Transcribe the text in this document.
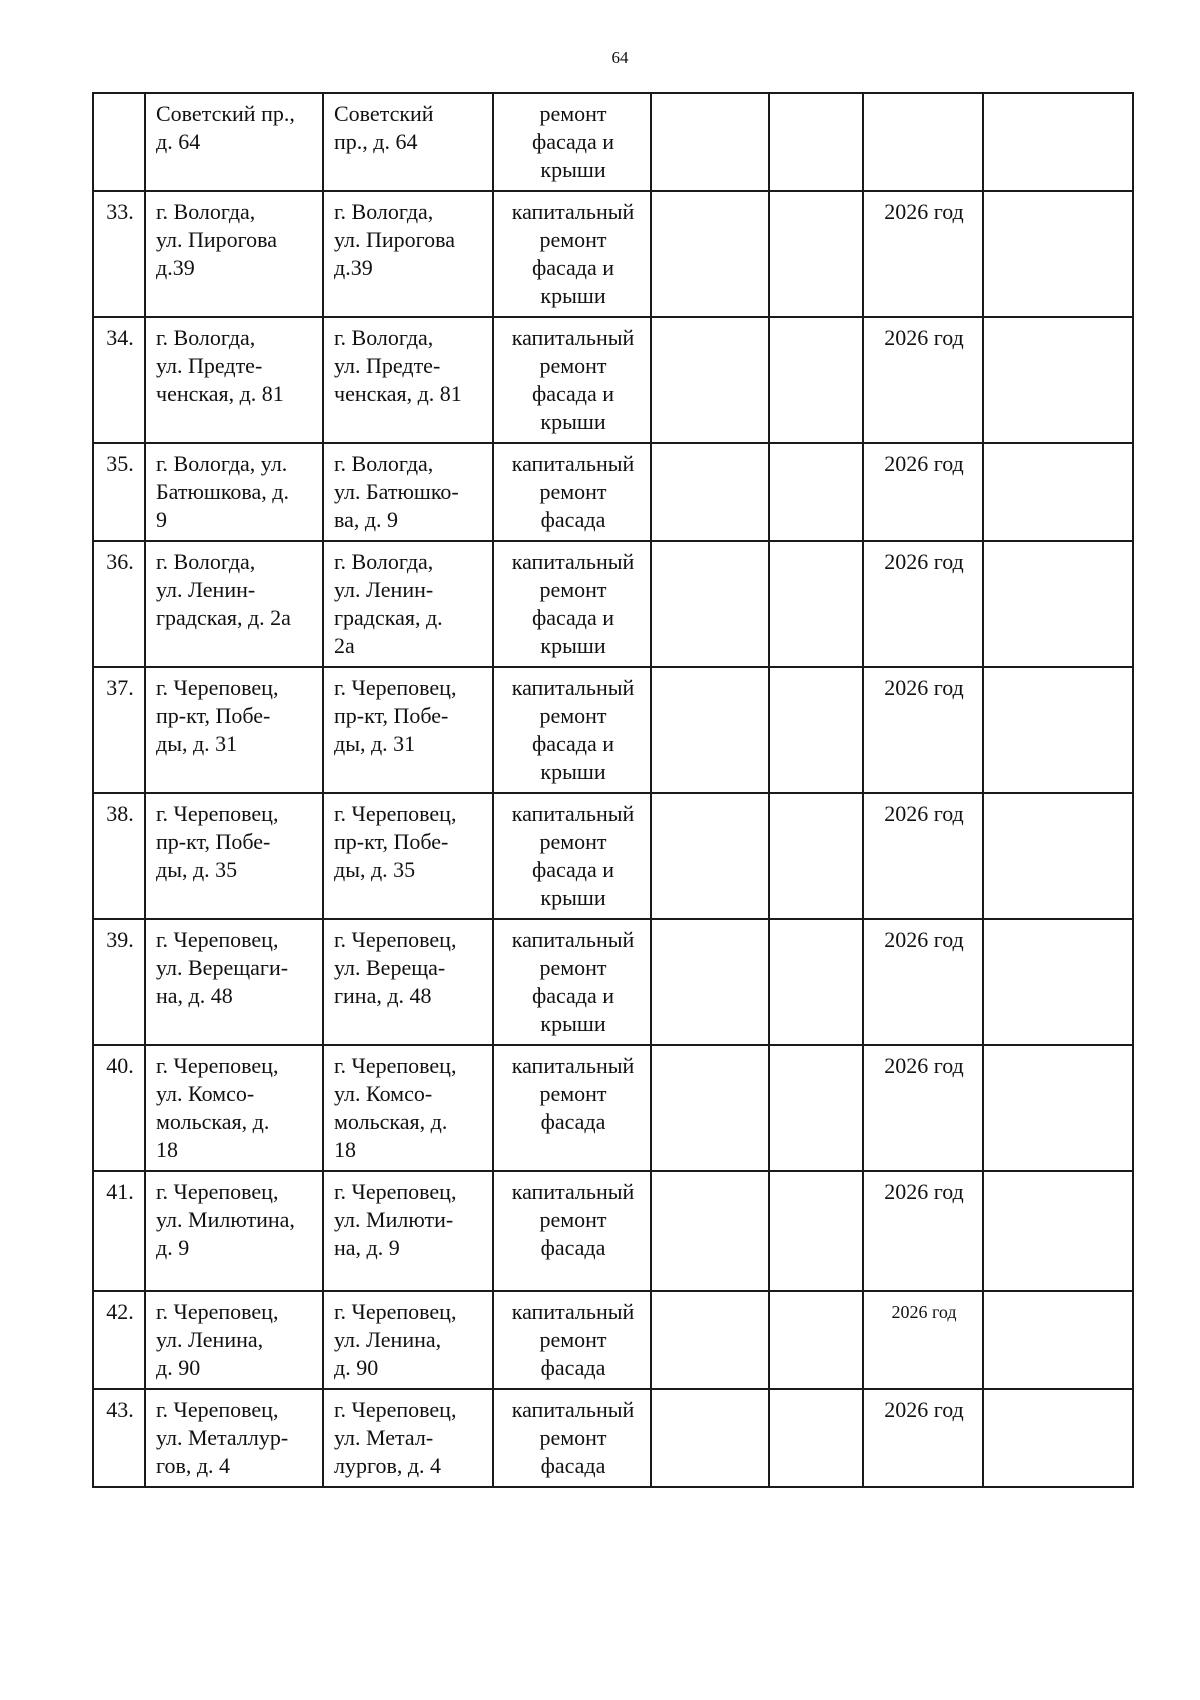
64

	Советский пр.,
д. 64	Советский
пр., д. 64	ремонт
фасада и
крыши				

33.	г. Вологда,
ул. Пирогова
д.39	г. Вологда,
ул. Пирогова
д.39	капитальный
ремонт
фасада и
крыши			2026 год	
34.	г. Вологда,
ул. Предте-
ченская, д. 81	г. Вологда,
ул. Предте-
ченская, д. 81	капитальный
ремонт
фасада и
крыши			2026 год	
35.	г. Вологда, ул.
Батюшкова, д.
9	г. Вологда,
ул. Батюшко-
ва, д. 9	капитальный
ремонт
фасада			2026 год	
36.	г. Вологда,
ул. Ленин-
градская, д. 2а	г. Вологда,
ул. Ленин-
градская, д.
2а	капитальный
ремонт
фасада и
крыши			2026 год	
37.	г. Череповец,
пр-кт, Побе-
ды, д. 31	г. Череповец,
пр-кт, Побе-
ды, д. 31	капитальный
ремонт
фасада и
крыши			2026 год	
38.	г. Череповец,
пр-кт, Побе-
ды, д. 35	г. Череповец,
пр-кт, Побе-
ды, д. 35	капитальный
ремонт
фасада и
крыши			2026 год	
39.	г. Череповец,
ул. Верещаги-
на, д. 48	г. Череповец,
ул. Верещa-
гина, д. 48	капитальный
ремонт
фасада и
крыши			2026 год	
40.	г. Череповец,
ул. Комсо-
мольская, д.
18	г. Череповец,
ул. Комсо-
мольская, д.
18	капитальный
ремонт
фасада			2026 год	
41.	г. Череповец,
ул. Милютина,
д. 9	г. Череповец,
ул. Милюти-
на, д. 9	капитальный
ремонт
фасада			2026 год	
42.	г. Череповец,
ул. Ленина,
д. 90	г. Череповец,
ул. Ленина,
д. 90	капитальный
ремонт
фасада			2026 год	
43.	г. Череповец,
ул. Металлур-
гов, д. 4	г. Череповец,
ул. Метал-
лургов, д. 4	капитальный
ремонт
фасада			2026 год	
